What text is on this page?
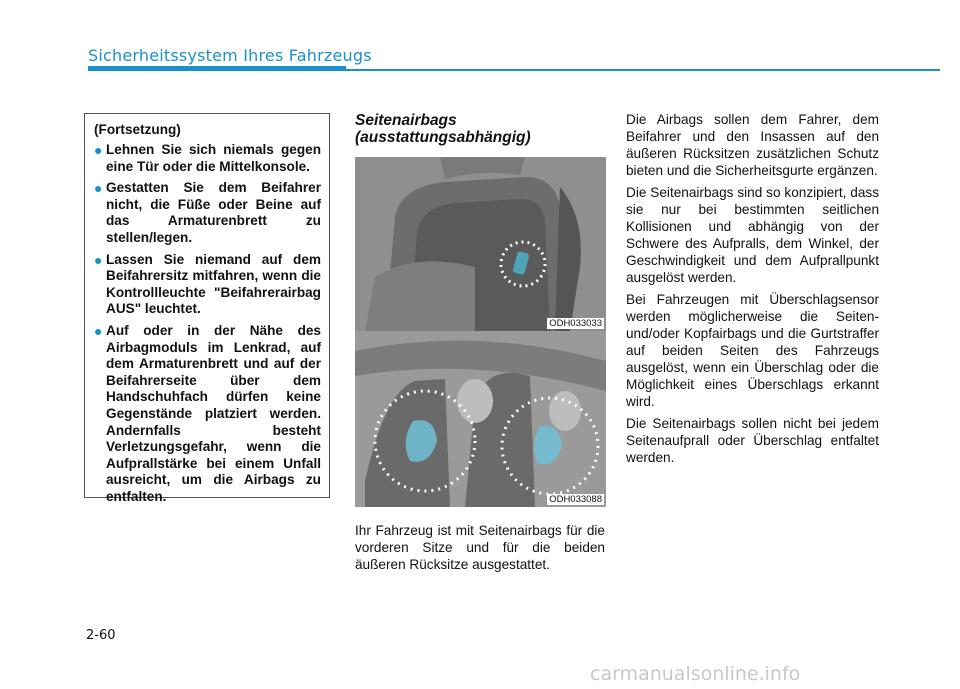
Sicherheitssystem Ihres Fahrzeugs

(Fortsetzung)

● Lehnen Sie sich niemals gegen eine Tür oder die Mittelkonsole.
● Gestatten Sie dem Beifahrer nicht, die Füße oder Beine auf das Armaturenbrett zu stellen/legen.
● Lassen Sie niemand auf dem Beifahrersitz mitfahren, wenn die Kontrollleuchte "Beifahrerairbag AUS" leuchtet.
● Auf oder in der Nähe des Airbagmoduls im Lenkrad, auf dem Armaturenbrett und auf der Beifahrerseite über dem Handschuhfach dürfen keine Gegenstände platziert werden. Andernfalls besteht Verletzungsgefahr, wenn die Aufprallstärke bei einem Unfall ausreicht, um die Airbags zu entfalten.

Seitenairbags

(ausstattungsabhängig)

ODH033033
ODH033088

Ihr Fahrzeug ist mit Seitenairbags für die vorderen Sitze und für die beiden äußeren Rücksitze ausgestattet.

Die Airbags sollen dem Fahrer, dem Beifahrer und den Insassen auf den äußeren Rücksitzen zusätzlichen Schutz bieten und die Sicherheitsgurte ergänzen.

Die Seitenairbags sind so konzipiert, dass sie nur bei bestimmten seitlichen Kollisionen und abhängig von der Schwere des Aufpralls, dem Winkel, der Geschwindigkeit und dem Aufprallpunkt ausgelöst werden.

Bei Fahrzeugen mit Überschlagsensor werden möglicherweise die Seiten- und/oder Kopfairbags und die Gurtstraffer auf beiden Seiten des Fahrzeugs ausgelöst, wenn ein Überschlag oder die Möglichkeit eines Überschlags erkannt wird.

Die Seitenairbags sollen nicht bei jedem Seitenaufprall oder Überschlag entfaltet werden.

2-60
carmanualsonline.info
